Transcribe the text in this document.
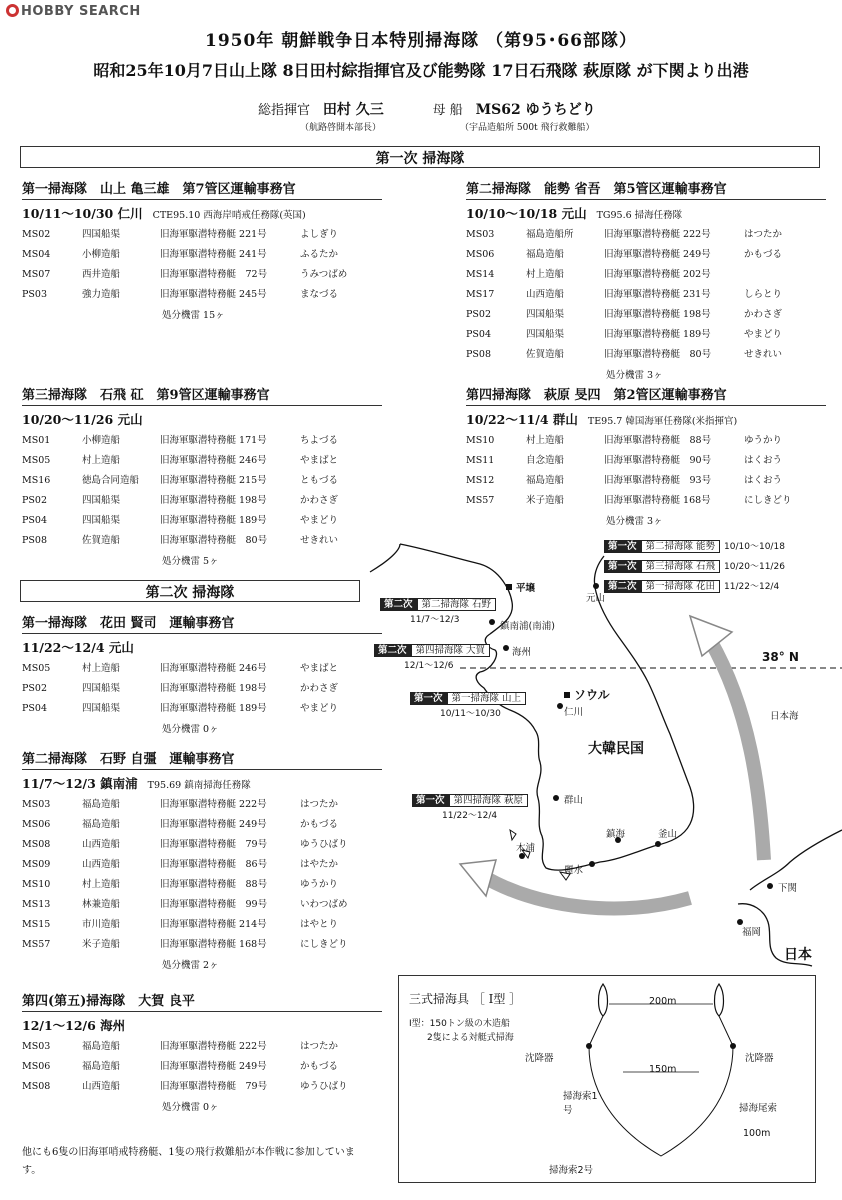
HOBBY SEARCH
1950年 朝鮮戦争日本特別掃海隊 （第95･66部隊）
昭和25年10月7日山上隊 8日田村綜指揮官及び能勢隊 17日石飛隊 萩原隊 が下関より出港
総指揮官 田村 久三	母 船 MS62 ゆうちどり
（航路啓開本部長）	（宇品造船所 500t 飛行救難船）
第一次 掃海隊
第一掃海隊　山上 亀三雄　第7管区運輸事務官
10/11～10/30 仁川 CTE95.10 西海岸哨戒任務隊(英国)
MS02	四国船渠	旧海軍駆潜特務艇 221号	よしぎり
MS04	小柳造船	旧海軍駆潜特務艇 241号	ふるたか
MS07	西井造船	旧海軍駆潜特務艇　72号	うみつばめ
PS03	強力造船	旧海軍駆潜特務艇 245号	まなづる
処分機雷 15ヶ
第二掃海隊　能勢 省吾　第5管区運輸事務官
10/10～10/18 元山 TG95.6 掃海任務隊
MS03	福島造船所	旧海軍駆潜特務艇 222号	はつたか
MS06	福島造船	旧海軍駆潜特務艇 249号	かもづる
MS14	村上造船	旧海軍駆潜特務艇 202号
MS17	山西造船	旧海軍駆潜特務艇 231号	しらとり
PS02	四国船渠	旧海軍駆潜特務艇 198号	かわさぎ
PS04	四国船渠	旧海軍駆潜特務艇 189号	やまどり
PS08	佐賀造船	旧海軍駆潜特務艇　80号	せきれい
処分機雷 3ヶ
第三掃海隊　石飛 矼　第9管区運輸事務官
10/20～11/26 元山
MS01	小柳造船	旧海軍駆潜特務艇 171号	ちよづる
MS05	村上造船	旧海軍駆潜特務艇 246号	やまばと
MS16	徳島合同造船 旧海軍駆潜特務艇 215号	ともづる
PS02	四国船渠	旧海軍駆潜特務艇 198号	かわさぎ
PS04	四国船渠	旧海軍駆潜特務艇 189号	やまどり
PS08	佐賀造船	旧海軍駆潜特務艇　80号	せきれい
処分機雷 5ヶ
第四掃海隊　萩原 旻四　第2管区運輸事務官
10/22～11/4 群山 TE95.7 韓国海軍任務隊(米指揮官)
MS10	村上造船	旧海軍駆潜特務艇　88号	ゆうかり
MS11	自念造船	旧海軍駆潜特務艇　90号	はくおう
MS12	福島造船	旧海軍駆潜特務艇　93号	はくおう
MS57	米子造船	旧海軍駆潜特務艇 168号	にしきどり
処分機雷 3ヶ
第二次 掃海隊
第一掃海隊　花田 賢司　運輸事務官
11/22～12/4 元山
MS05	村上造船	旧海軍駆潜特務艇 246号	やまばと
PS02	四国船渠	旧海軍駆潜特務艇 198号	かわさぎ
PS04	四国船渠	旧海軍駆潜特務艇 189号	やまどり
処分機雷 0ヶ
第二掃海隊　石野 自彊　運輸事務官
11/7～12/3 鎮南浦 T95.69 鎮南掃海任務隊
MS03	福島造船	旧海軍駆潜特務艇 222号	はつたか
MS06	福島造船	旧海軍駆潜特務艇 249号	かもづる
MS08	山西造船	旧海軍駆潜特務艇　79号	ゆうひばり
MS09	山西造船	旧海軍駆潜特務艇　86号	はやたか
MS10	村上造船	旧海軍駆潜特務艇　88号	ゆうかり
MS13	林兼造船	旧海軍駆潜特務艇　99号	いわつばめ
MS15	市川造船	旧海軍駆潜特務艇 214号	はやとり
MS57	米子造船	旧海軍駆潜特務艇 168号	にしきどり
処分機雷 2ヶ
第四(第五)掃海隊　大賀 良平
12/1～12/6 海州
MS03	福島造船	旧海軍駆潜特務艇 222号	はつたか
MS06	福島造船	旧海軍駆潜特務艇 249号	かもづる
MS08	山西造船	旧海軍駆潜特務艇　79号	ゆうひばり
処分機雷 0ヶ
他にも6隻の旧海軍哨戒特務艇、1隻の飛行救難船が本作戦に参加しています。
第一次 第二掃海隊 能勢 10/10～10/18
第一次 第三掃海隊 石飛 10/20～11/26
第二次 第一掃海隊 花田 11/22～12/4
第二次 第二掃海隊 石野
11/7～12/3
第二次 第四掃海隊 大賀
12/1～12/6
第一次 第一掃海隊 山上
10/11～10/30
第一次 第四掃海隊 萩原
11/22～12/4
平壌
鎮南浦(南浦)
海州
ソウル
仁川
元山
大韓民国
群山
鎮海	釜山
木浦
麗水
下関
福岡
日本
日本海
38° N
三式掃海具 ［ I型 ］
I型：150トン級の木造船
2隻による対艇式掃海
200m
150m
沈降器	沈降器
掃海索1号	掃海尾索
100m
掃海索2号
